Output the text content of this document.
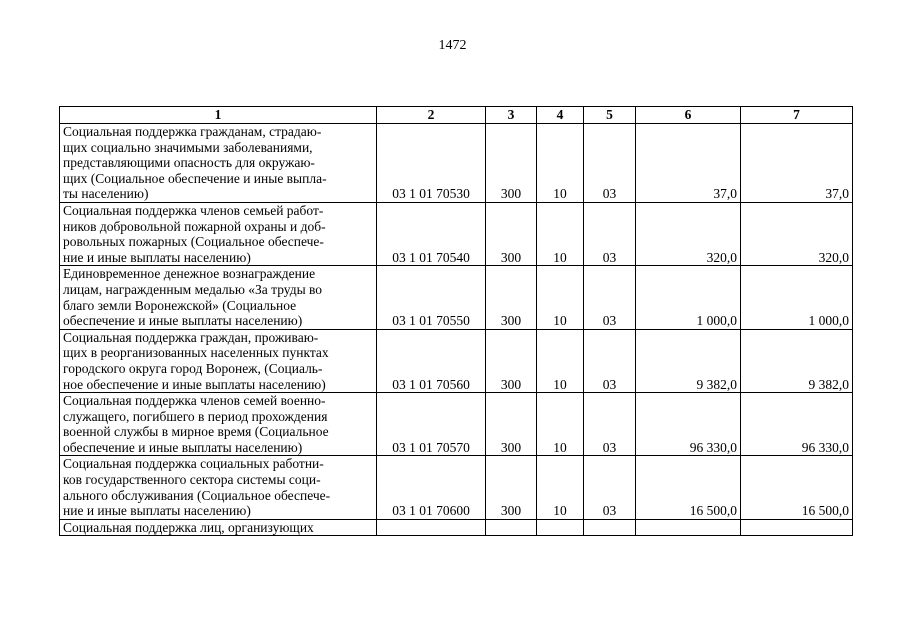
1472
1	2	3	4	5	6	7
Социальная поддержка гражданам, страдаю-
щих социально значимыми заболеваниями,
представляющими опасность для окружаю-
щих (Социальное обеспечение и иные выпла-
ты населению)	03 1 01 70530	300	10	03	37,0	37,0
Социальная поддержка членов семьей работ-
ников добровольной пожарной охраны и доб-
ровольных пожарных (Социальное обеспече-
ние и иные выплаты населению)	03 1 01 70540	300	10	03	320,0	320,0
Единовременное денежное вознаграждение
лицам, награжденным медалью «За труды во
благо земли Воронежской» (Социальное
обеспечение и иные выплаты населению)	03 1 01 70550	300	10	03	1 000,0	1 000,0
Социальная поддержка граждан, проживаю-
щих в реорганизованных населенных пунктах
городского округа город Воронеж, (Социаль-
ное обеспечение и иные выплаты населению)	03 1 01 70560	300	10	03	9 382,0	9 382,0
Социальная поддержка членов семей военно-
служащего, погибшего в период прохождения
военной службы в мирное время (Социальное
обеспечение и иные выплаты населению)	03 1 01 70570	300	10	03	96 330,0	96 330,0
Социальная поддержка социальных работни-
ков государственного сектора системы соци-
ального обслуживания (Социальное обеспече-
ние и иные выплаты населению)	03 1 01 70600	300	10	03	16 500,0	16 500,0
Социальная поддержка лиц, организующих						
